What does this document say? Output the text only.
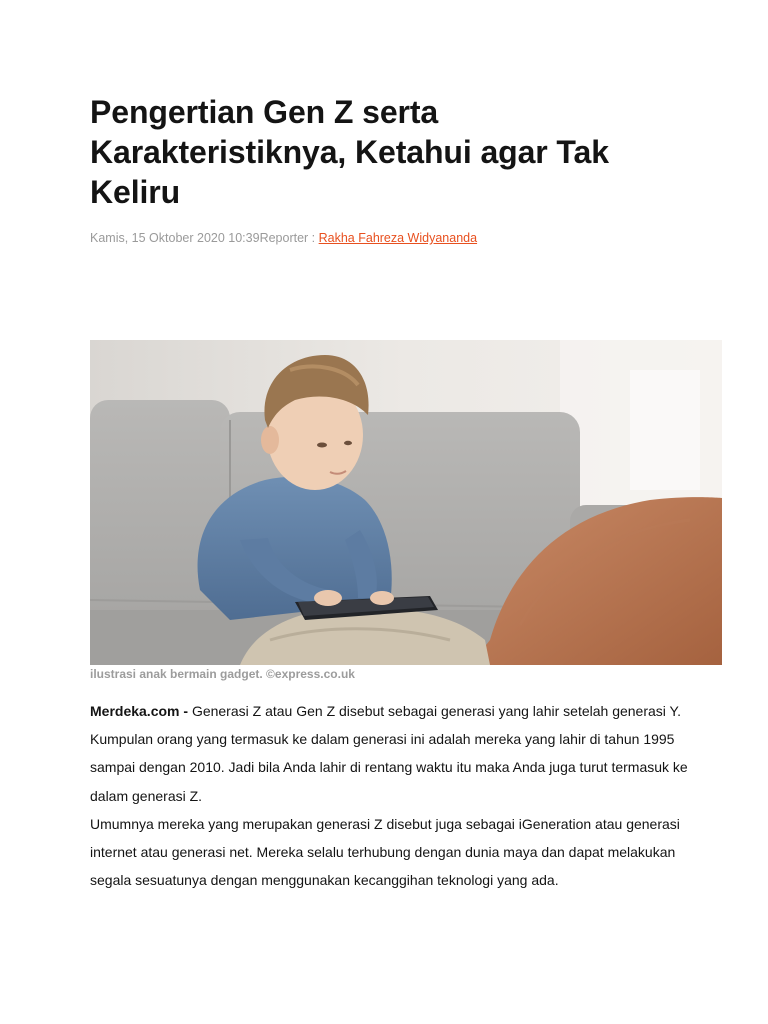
Pengertian Gen Z serta Karakteristiknya, Ketahui agar Tak Keliru
Kamis, 15 Oktober 2020 10:39Reporter : Rakha Fahreza Widyananda
ilustrasi anak bermain gadget. ©express.co.uk

Merdeka.com - Generasi Z atau Gen Z disebut sebagai generasi yang lahir setelah generasi Y. Kumpulan orang yang termasuk ke dalam generasi ini adalah mereka yang lahir di tahun 1995 sampai dengan 2010. Jadi bila Anda lahir di rentang waktu itu maka Anda juga turut termasuk ke dalam generasi Z.

Umumnya mereka yang merupakan generasi Z disebut juga sebagai iGeneration atau generasi internet atau generasi net. Mereka selalu terhubung dengan dunia maya dan dapat melakukan segala sesuatunya dengan menggunakan kecanggihan teknologi yang ada.
